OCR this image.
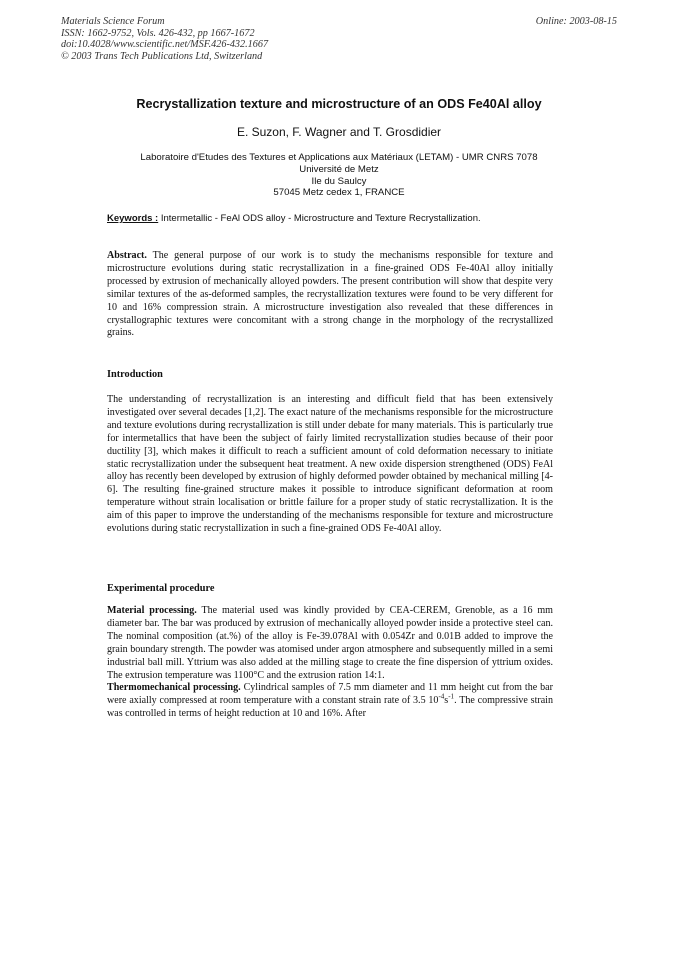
Materials Science Forum
ISSN: 1662-9752, Vols. 426-432, pp 1667-1672
doi:10.4028/www.scientific.net/MSF.426-432.1667
© 2003 Trans Tech Publications Ltd, Switzerland
Online: 2003-08-15
Recrystallization texture and microstructure of an ODS Fe40Al alloy
E. Suzon, F. Wagner and T. Grosdidier
Laboratoire d'Etudes des Textures et Applications aux Matériaux (LETAM) - UMR CNRS 7078
Université de Metz
Ile du Saulcy
57045 Metz cedex 1, FRANCE
Keywords : Intermetallic - FeAl ODS alloy - Microstructure and Texture Recrystallization.

Abstract. The general purpose of our work is to study the mechanisms responsible for texture and microstructure evolutions during static recrystallization in a fine-grained ODS Fe-40Al alloy initially processed by extrusion of mechanically alloyed powders. The present contribution will show that despite very similar textures of the as-deformed samples, the recrystallization textures were found to be very different for 10 and 16% compression strain. A microstructure investigation also revealed that these differences in crystallographic textures were concomitant with a strong change in the morphology of the recrystallized grains.

Introduction

The understanding of recrystallization is an interesting and difficult field that has been extensively investigated over several decades [1,2]. The exact nature of the mechanisms responsible for the microstructure and texture evolutions during recrystallization is still under debate for many materials. This is particularly true for intermetallics that have been the subject of fairly limited recrystallization studies because of their poor ductility [3], which makes it difficult to reach a sufficient amount of cold deformation necessary to initiate static recrystallization under the subsequent heat treatment. A new oxide dispersion strengthened (ODS) FeAl alloy has recently been developed by extrusion of highly deformed powder obtained by mechanical milling [4-6]. The resulting fine-grained structure makes it possible to introduce significant deformation at room temperature without strain localisation or brittle failure for a proper study of static recrystallization. It is the aim of this paper to improve the understanding of the mechanisms responsible for texture and microstructure evolutions during static recrystallization in such a fine-grained ODS Fe-40Al alloy.

Experimental procedure

Material processing. The material used was kindly provided by CEA-CEREM, Grenoble, as a 16 mm diameter bar. The bar was produced by extrusion of mechanically alloyed powder inside a protective steel can. The nominal composition (at.%) of the alloy is Fe-39.078Al with 0.054Zr and 0.01B added to improve the grain boundary strength. The powder was atomised under argon atmosphere and subsequently milled in a semi industrial ball mill. Yttrium was also added at the milling stage to create the fine dispersion of yttrium oxides. The extrusion temperature was 1100°C and the extrusion ration 14:1.

Thermomechanical processing. Cylindrical samples of 7.5 mm diameter and 11 mm height cut from the bar were axially compressed at room temperature with a constant strain rate of 3.5 $10^{-4}s^{-1}$. The compressive strain was controlled in terms of height reduction at 10 and 16%. After
